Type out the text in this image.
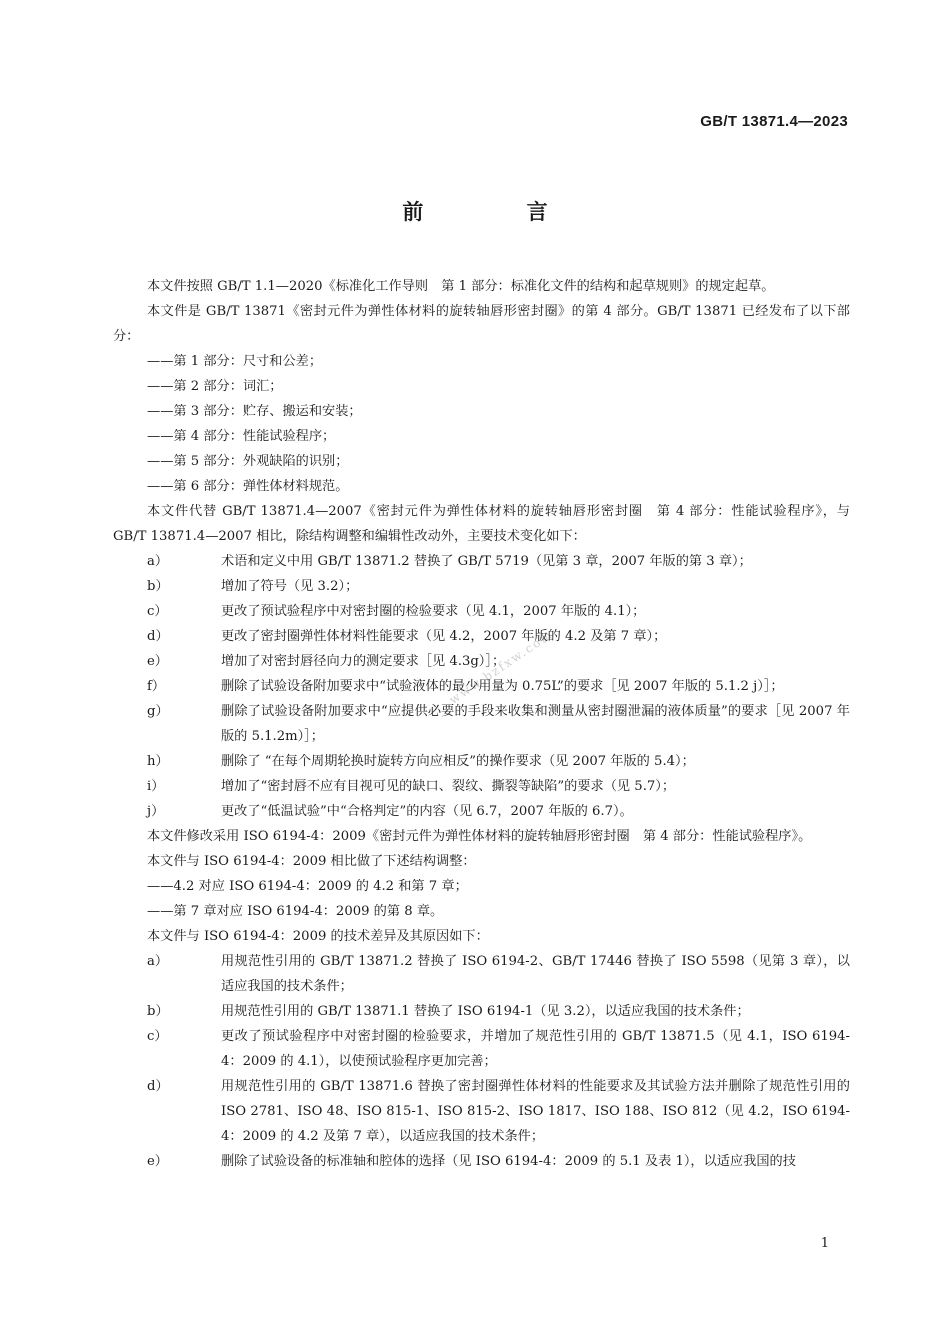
GB/T 13871.4—2023
前 言
www.bzfxw.com

本文件按照 GB/T 1.1—2020《标准化工作导则　第 1 部分：标准化文件的结构和起草规则》的规定起草。

本文件是 GB/T 13871《密封元件为弹性体材料的旋转轴唇形密封圈》的第 4 部分。GB/T 13871 已经发布了以下部分：

——第 1 部分：尺寸和公差；

——第 2 部分：词汇；

——第 3 部分：贮存、搬运和安装；

——第 4 部分：性能试验程序；

——第 5 部分：外观缺陷的识别；

——第 6 部分：弹性体材料规范。

本文件代替 GB/T 13871.4—2007《密封元件为弹性体材料的旋转轴唇形密封圈　第 4 部分：性能试验程序》，与 GB/T 13871.4—2007 相比，除结构调整和编辑性改动外，主要技术变化如下：

a）	术语和定义中用 GB/T 13871.2 替换了 GB/T 5719（见第 3 章，2007 年版的第 3 章）；
b）	增加了符号（见 3.2）；
c）	更改了预试验程序中对密封圈的检验要求（见 4.1，2007 年版的 4.1）；
d）	更改了密封圈弹性体材料性能要求（见 4.2，2007 年版的 4.2 及第 7 章）；
e）	增加了对密封唇径向力的测定要求［见 4.3g）］；
f）	删除了试验设备附加要求中“试验液体的最少用量为 0.75L”的要求［见 2007 年版的 5.1.2 j）］；
g）	删除了试验设备附加要求中“应提供必要的手段来收集和测量从密封圈泄漏的液体质量”的要求［见 2007 年版的 5.1.2m）］；
h）	删除了 “在每个周期轮换时旋转方向应相反”的操作要求（见 2007 年版的 5.4）；
i）	增加了“密封唇不应有目视可见的缺口、裂纹、撕裂等缺陷”的要求（见 5.7）；
j）	更改了“低温试验”中“合格判定”的内容（见 6.7，2007 年版的 6.7）。

本文件修改采用 ISO 6194-4：2009《密封元件为弹性体材料的旋转轴唇形密封圈　第 4 部分：性能试验程序》。

本文件与 ISO 6194-4：2009 相比做了下述结构调整：

——4.2 对应 ISO 6194-4：2009 的 4.2 和第 7 章；

——第 7 章对应 ISO 6194-4：2009 的第 8 章。

本文件与 ISO 6194-4：2009 的技术差异及其原因如下：

a）	用规范性引用的 GB/T 13871.2 替换了 ISO 6194-2、GB/T 17446 替换了 ISO 5598（见第 3 章），以适应我国的技术条件；
b）	用规范性引用的 GB/T 13871.1 替换了 ISO 6194-1（见 3.2），以适应我国的技术条件；
c）	更改了预试验程序中对密封圈的检验要求，并增加了规范性引用的 GB/T 13871.5（见 4.1，ISO 6194-4：2009 的 4.1），以使预试验程序更加完善；
d）	用规范性引用的 GB/T 13871.6 替换了密封圈弹性体材料的性能要求及其试验方法并删除了规范性引用的 ISO 2781、ISO 48、ISO 815-1、ISO 815-2、ISO 1817、ISO 188、ISO 812（见 4.2，ISO 6194-4：2009 的 4.2 及第 7 章），以适应我国的技术条件；
e）	删除了试验设备的标准轴和腔体的选择（见 ISO 6194-4：2009 的 5.1 及表 1），以适应我国的技
1
